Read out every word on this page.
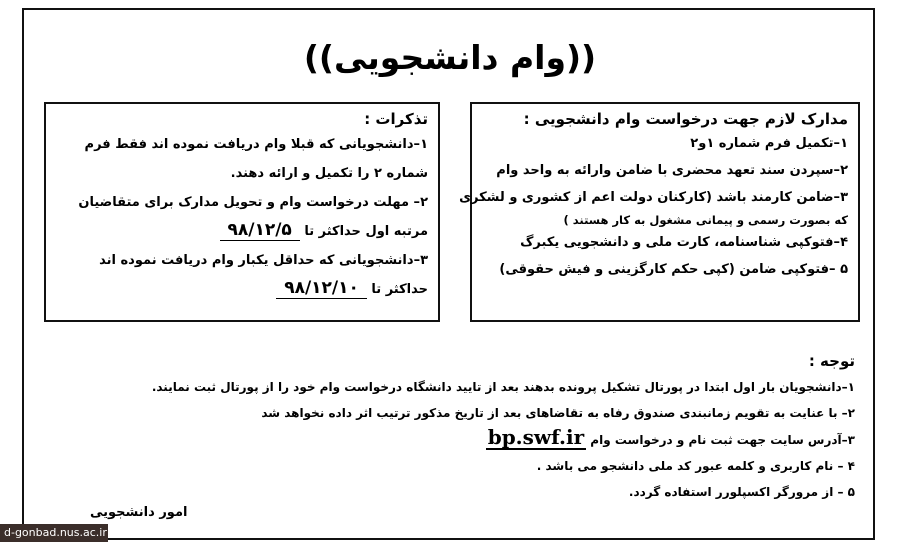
((وام دانشجویی))
مدارک لازم جهت درخواست وام دانشجویی :
۱–تکمیل فرم شماره ۱و۲
۲–سپردن سند تعهد محضری با ضامن وارائه به واحد وام
۳–ضامن کارمند باشد (کارکنان دولت اعم از کشوری و لشکری
که بصورت رسمی و پیمانی مشغول به کار هستند )
۴–فتوکپی شناسنامه، کارت ملی و دانشجویی یکبرگ
۵ –فتوکپی ضامن (کپی حکم کارگزینی و فیش حقوقی)
تذکرات :
۱–دانشجویانی که قبلا وام دریافت نموده اند فقط فرم
شماره ۲ را تکمیل و ارائه دهند.
۲– مهلت درخواست وام و تحویل مدارک برای متقاضیان
مرتبه اول حداکثر تا ۹۸/۱۲/۵
۳–دانشجویانی که حداقل یکبار وام دریافت نموده اند
حداکثر تا ۹۸/۱۲/۱۰
توجه :
۱–دانشجویان بار اول ابتدا در پورتال تشکیل پرونده بدهند بعد از تایید دانشگاه درخواست وام خود را از پورتال ثبت نمایند.
۲– با عنایت به تقویم زمانبندی صندوق رفاه به تقاضاهای بعد از تاریخ مذکور ترتیب اثر داده نخواهد شد
۳–آدرس سایت جهت ثبت نام و درخواست وام bp.swf.ir
۴ – نام کاربری و کلمه عبور کد ملی دانشجو می باشد .
۵ – از مرورگر اکسپلورر استفاده گردد.
امور دانشجویی
d-gonbad.nus.ac.ir
